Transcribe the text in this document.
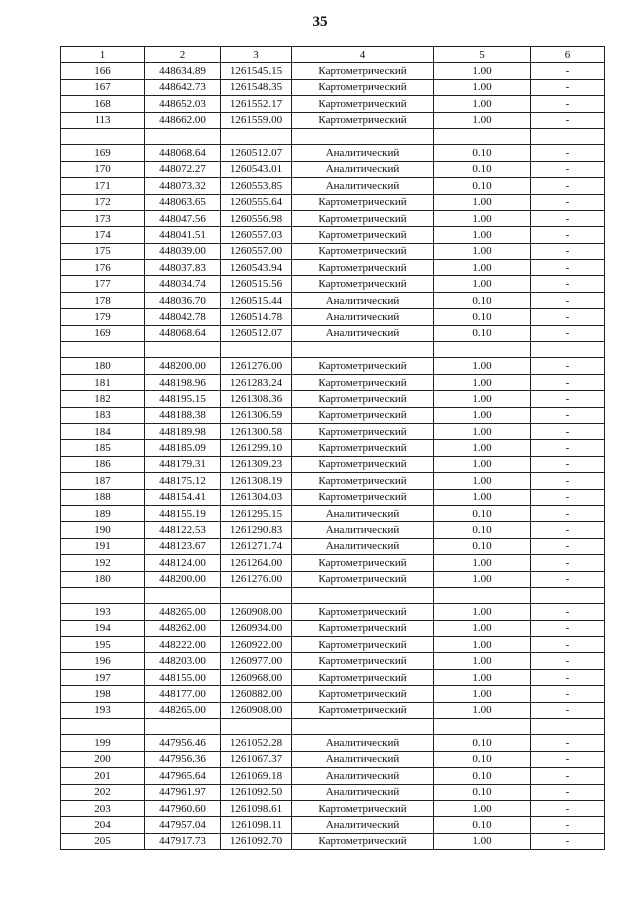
35
1	2	3	4	5	6
166	448634.89	1261545.15	Картометрический	1.00	-
167	448642.73	1261548.35	Картометрический	1.00	-
168	448652.03	1261552.17	Картометрический	1.00	-
113	448662.00	1261559.00	Картометрический	1.00	-

169	448068.64	1260512.07	Аналитический	0.10	-
170	448072.27	1260543.01	Аналитический	0.10	-
171	448073.32	1260553.85	Аналитический	0.10	-
172	448063.65	1260555.64	Картометрический	1.00	-
173	448047.56	1260556.98	Картометрический	1.00	-
174	448041.51	1260557.03	Картометрический	1.00	-
175	448039.00	1260557.00	Картометрический	1.00	-
176	448037.83	1260543.94	Картометрический	1.00	-
177	448034.74	1260515.56	Картометрический	1.00	-
178	448036.70	1260515.44	Аналитический	0.10	-
179	448042.78	1260514.78	Аналитический	0.10	-
169	448068.64	1260512.07	Аналитический	0.10	-

180	448200.00	1261276.00	Картометрический	1.00	-
181	448198.96	1261283.24	Картометрический	1.00	-
182	448195.15	1261308.36	Картометрический	1.00	-
183	448188.38	1261306.59	Картометрический	1.00	-
184	448189.98	1261300.58	Картометрический	1.00	-
185	448185.09	1261299.10	Картометрический	1.00	-
186	448179.31	1261309.23	Картометрический	1.00	-
187	448175.12	1261308.19	Картометрический	1.00	-
188	448154.41	1261304.03	Картометрический	1.00	-
189	448155.19	1261295.15	Аналитический	0.10	-
190	448122.53	1261290.83	Аналитический	0.10	-
191	448123.67	1261271.74	Аналитический	0.10	-
192	448124.00	1261264.00	Картометрический	1.00	-
180	448200.00	1261276.00	Картометрический	1.00	-

193	448265.00	1260908.00	Картометрический	1.00	-
194	448262.00	1260934.00	Картометрический	1.00	-
195	448222.00	1260922.00	Картометрический	1.00	-
196	448203.00	1260977.00	Картометрический	1.00	-
197	448155.00	1260968.00	Картометрический	1.00	-
198	448177.00	1260882.00	Картометрический	1.00	-
193	448265.00	1260908.00	Картометрический	1.00	-

199	447956.46	1261052.28	Аналитический	0.10	-
200	447956.36	1261067.37	Аналитический	0.10	-
201	447965.64	1261069.18	Аналитический	0.10	-
202	447961.97	1261092.50	Аналитический	0.10	-
203	447960.60	1261098.61	Картометрический	1.00	-
204	447957.04	1261098.11	Аналитический	0.10	-
205	447917.73	1261092.70	Картометрический	1.00	-
